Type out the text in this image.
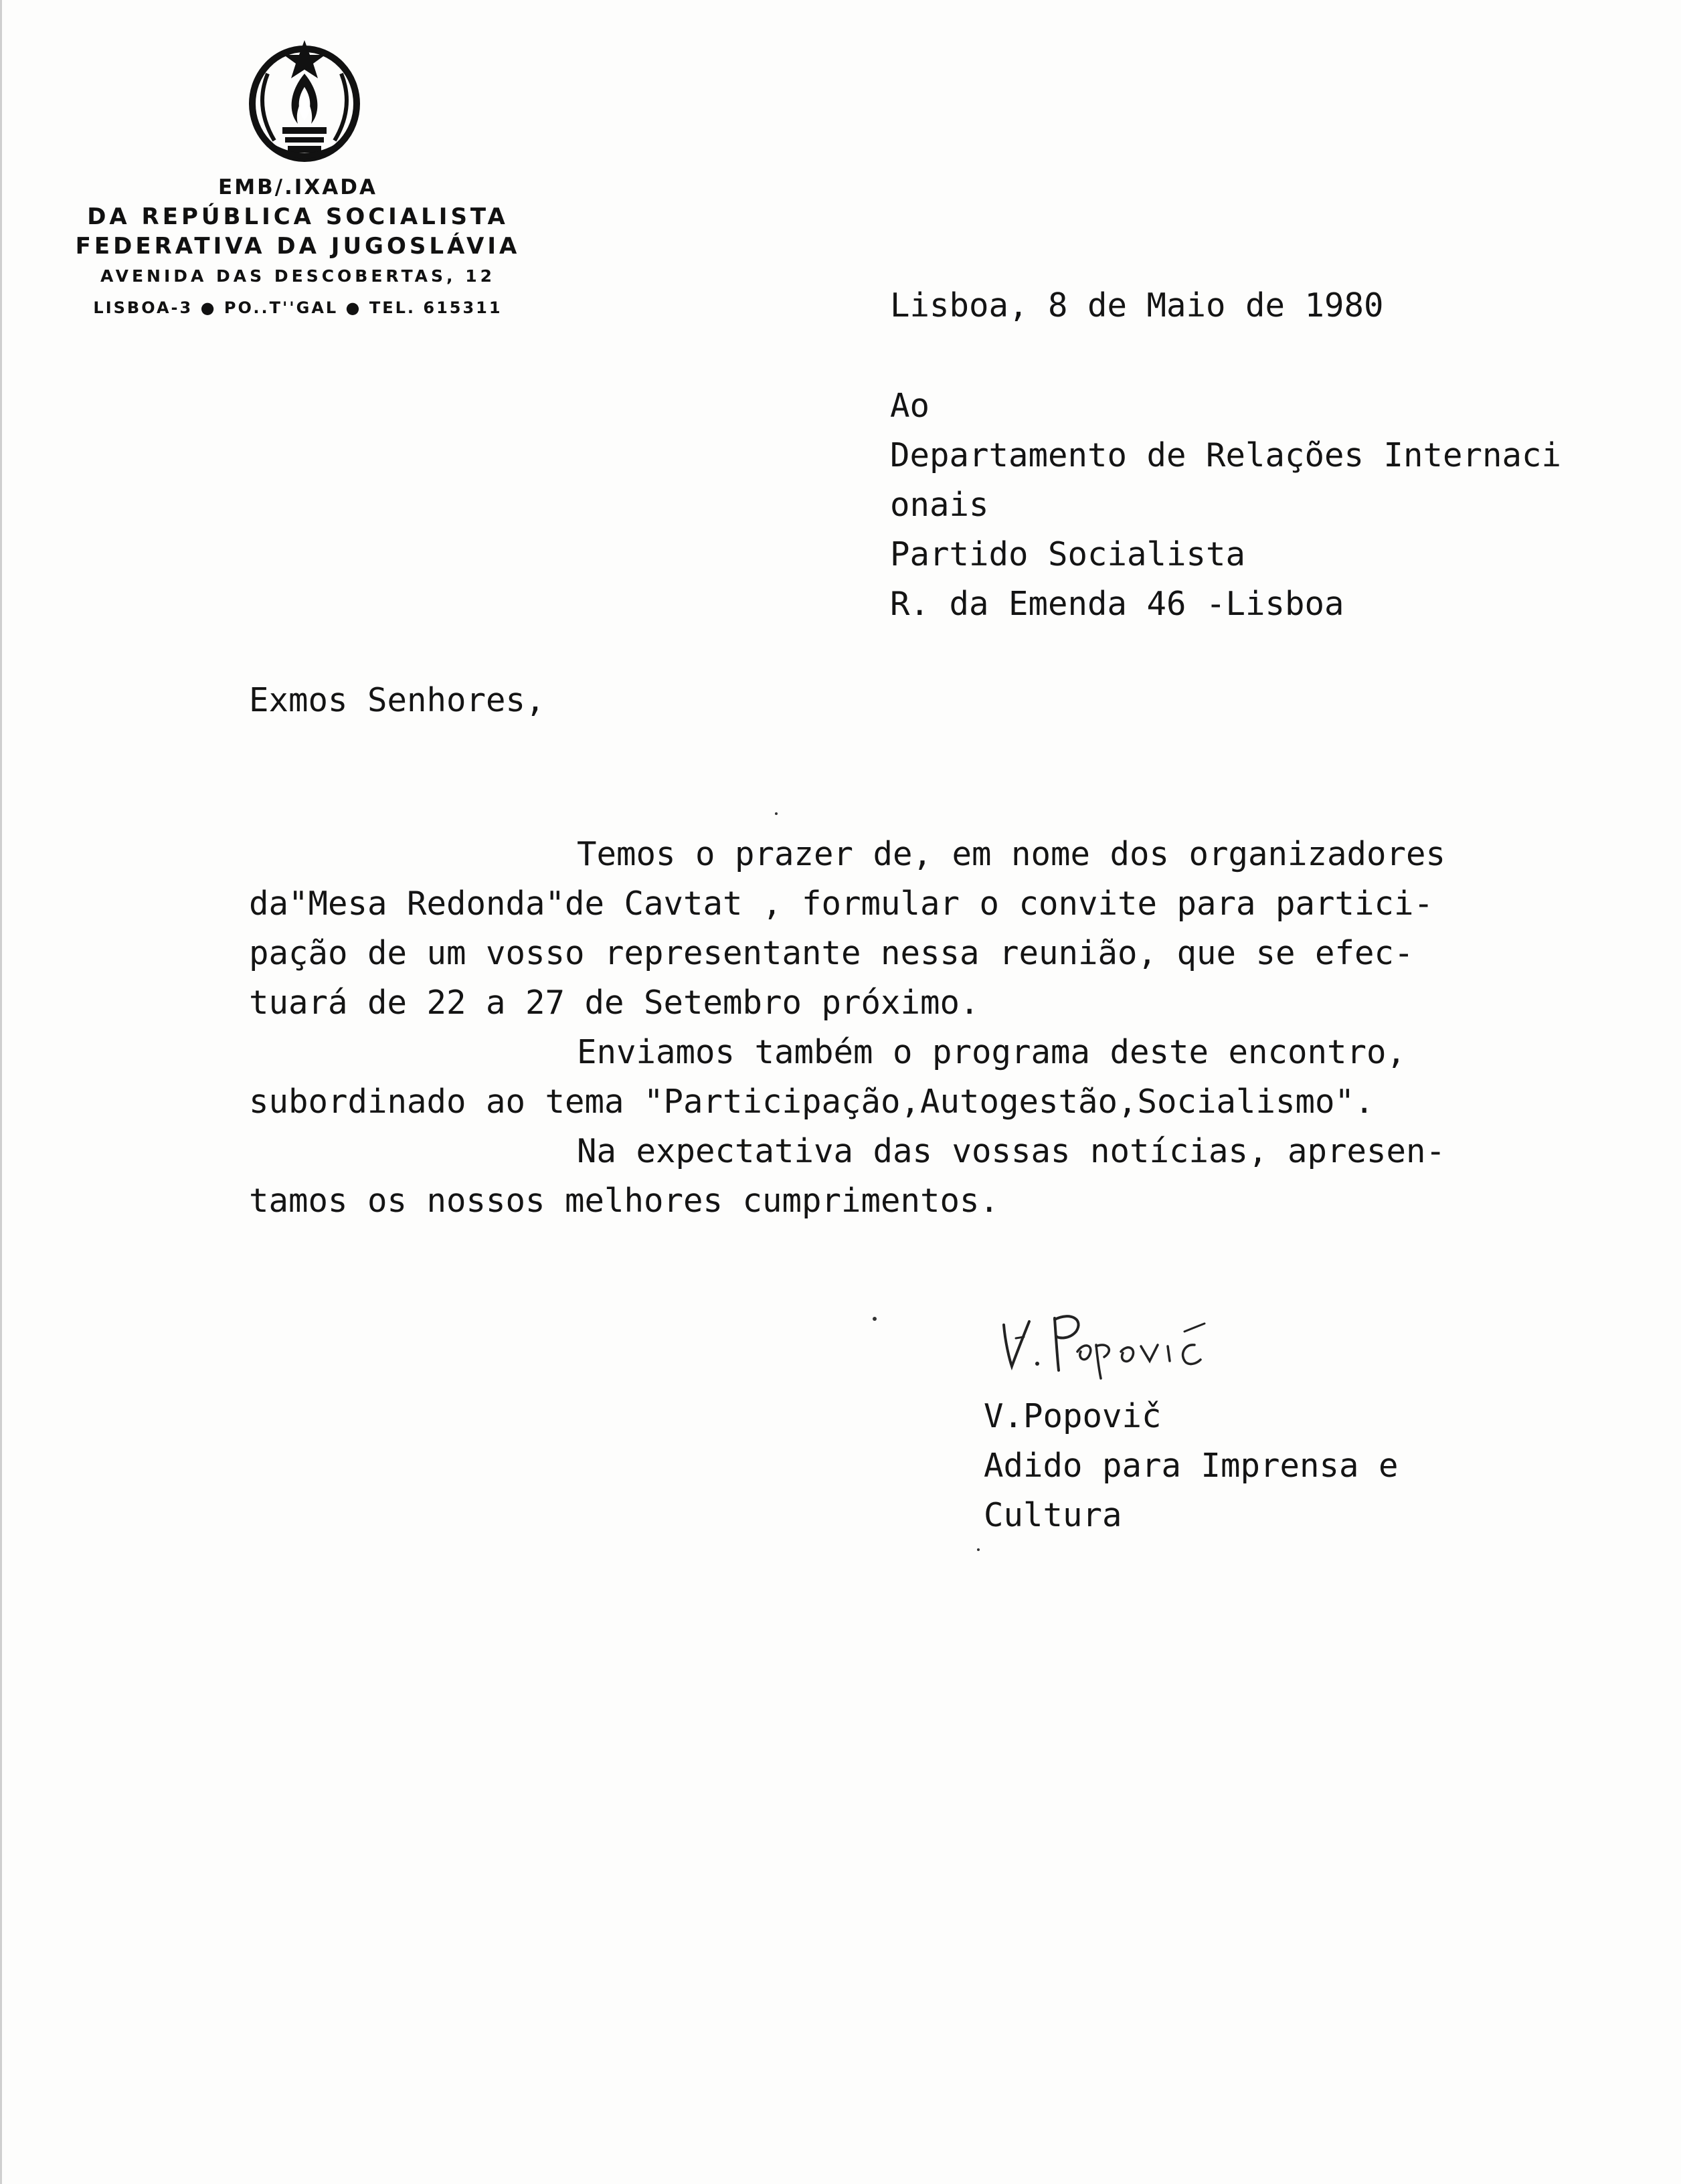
EMB/.IXADA
DA REPÚBLICA SOCIALISTA
FEDERATIVA DA JUGOSLÁVIA
AVENIDA DAS DESCOBERTAS, 12
LISBOA-3 ● PO..T''GAL ● TEL. 615311	Lisboa, 8 de Maio de 1980
Ao
Departamento de Relações Internaci
onais
Partido Socialista
R. da Emenda 46 -Lisboa
Exmos Senhores,
Temos o prazer de, em nome dos organizadores
da"Mesa Redonda"de Cavtat , formular o convite para partici-
pação de um vosso representante nessa reunião, que se efec-
tuará de 22 a 27 de Setembro próximo.
Enviamos também o programa deste encontro,
subordinado ao tema "Participação,Autogestão,Socialismo".
Na expectativa das vossas notícias, apresen-
tamos os nossos melhores cumprimentos.
V.Popovič
Adido para Imprensa e
Cultura
